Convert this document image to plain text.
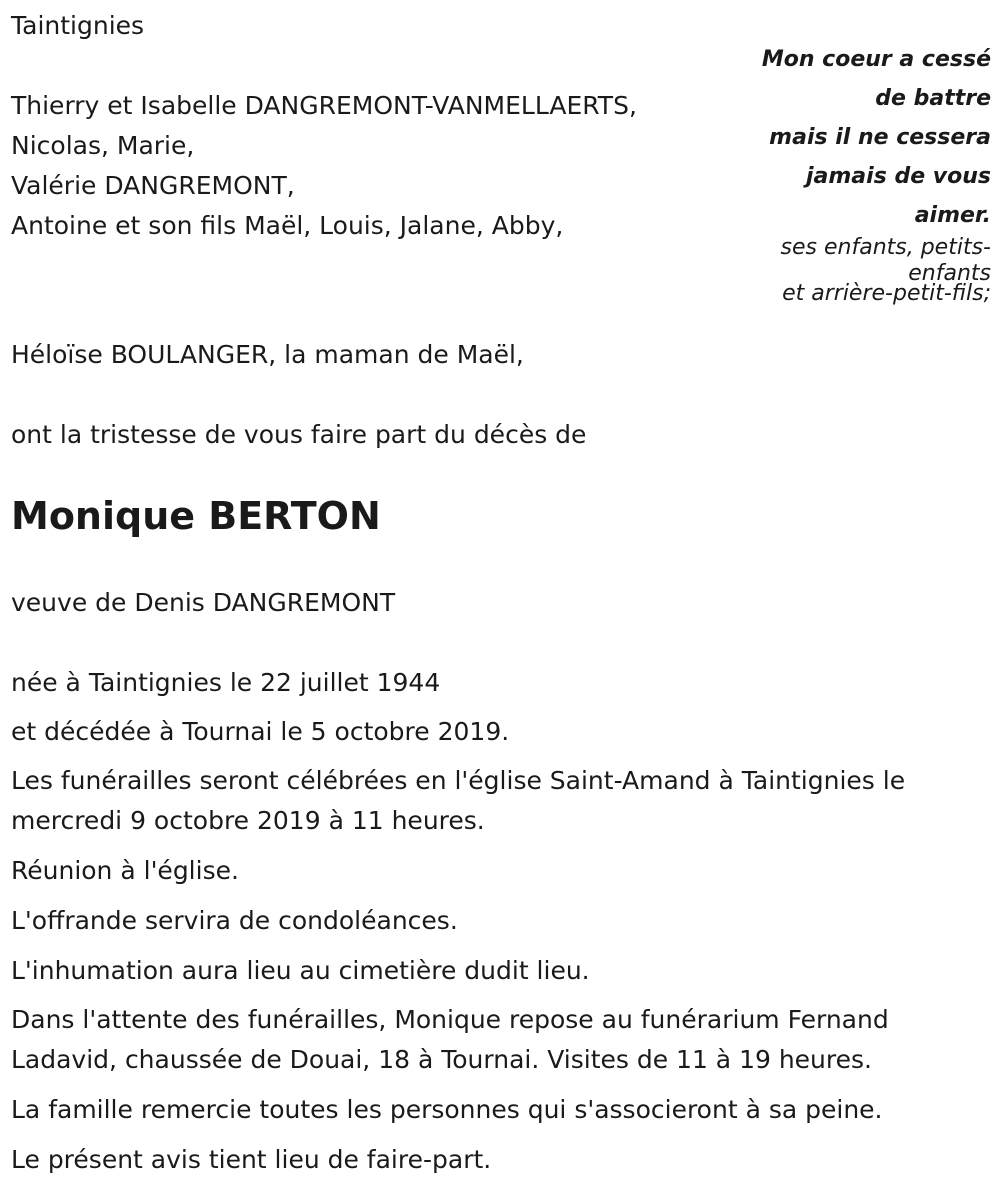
Taintignies

Thierry et Isabelle DANGREMONT-VANMELLAERTS,

Nicolas, Marie,

Valérie DANGREMONT,

Antoine et son fils Maël, Louis, Jalane, Abby,

Héloïse BOULANGER, la maman de Maël,

ont la tristesse de vous faire part du décès de

Monique BERTON

veuve de Denis DANGREMONT

née à Taintignies le 22 juillet 1944

et décédée à Tournai le 5 octobre 2019.

Les funérailles seront célébrées en l'église Saint-Amand à Taintignies le mercredi 9 octobre 2019 à 11 heures.

Réunion à l'église.

L'offrande servira de condoléances.

L'inhumation aura lieu au cimetière dudit lieu.

Dans l'attente des funérailles, Monique repose au funérarium Fernand Ladavid, chaussée de Douai, 18 à Tournai. Visites de 11 à 19 heures.

La famille remercie toutes les personnes qui s'associeront à sa peine.

Le présent avis tient lieu de faire-part.

Mon coeur a cessé

de battre

mais il ne cessera

jamais de vous

aimer.

ses enfants, petits-enfants

et arrière-petit-fils;
